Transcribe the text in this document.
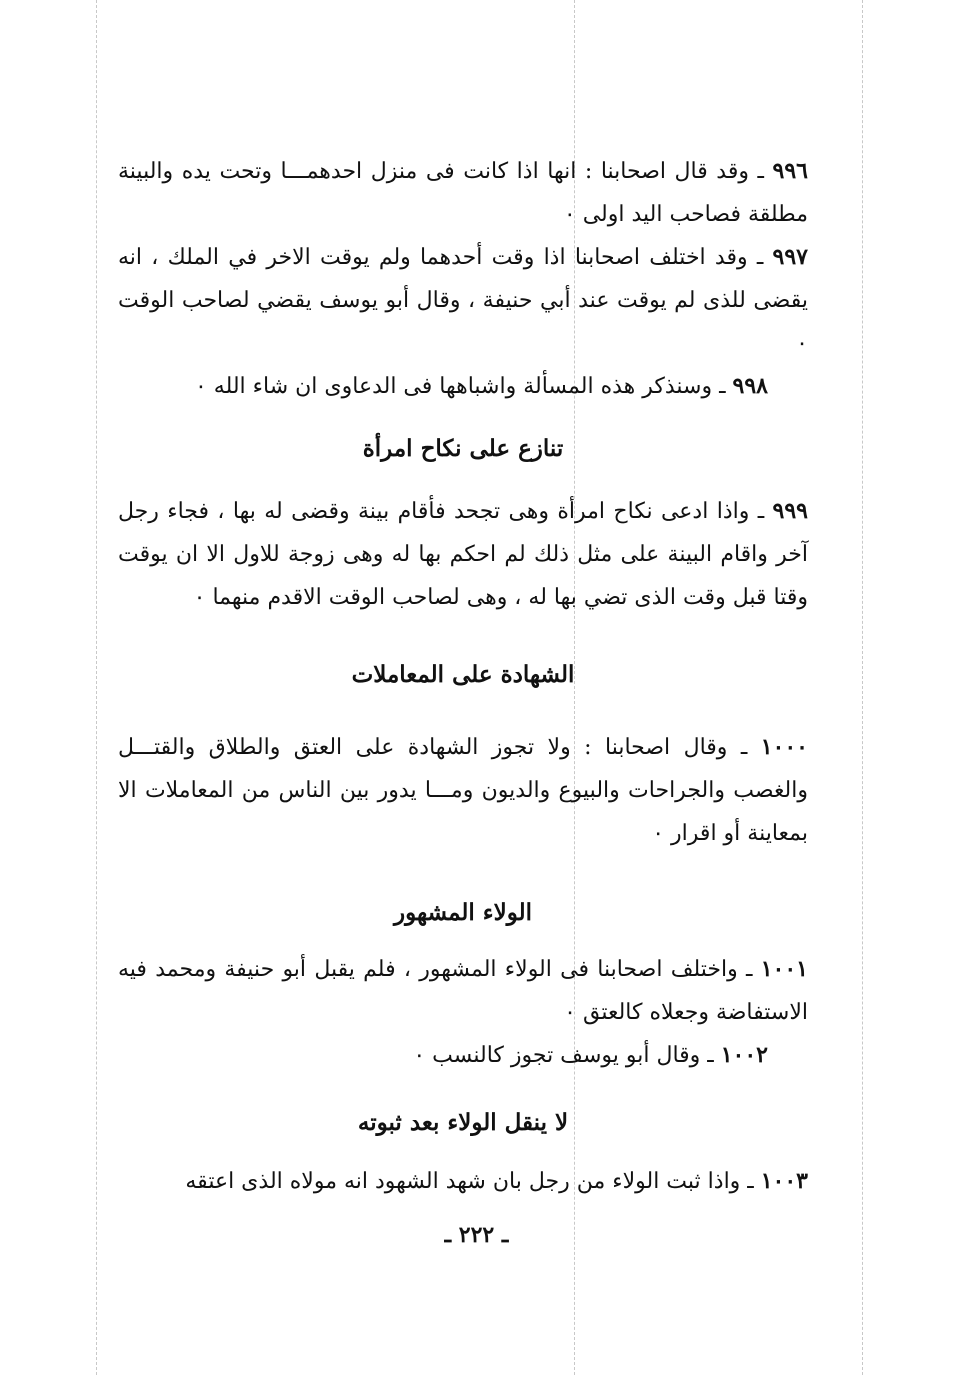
٩٩٦ ـ وقد قال اصحابنا : انها اذا كانت فى منزل احدهمـــا وتحت يده والبينة مطلقة فصاحب اليد اولى ٠

٩٩٧ ـ وقد اختلف اصحابنا اذا وقت أحدهما ولم يوقت الاخر في الملك ، انه يقضى للذى لم يوقت عند أبي حنيفة ، وقال أبو يوسف يقضي لصاحب الوقت ٠

٩٩٨ ـ وسنذكر هذه المسألة واشباهها فى الدعاوى ان شاء الله ٠

تنازع على نكاح امرأة

٩٩٩ ـ واذا ادعى نكاح امرأة وهى تجحد فأقام بينة وقضى له بها ، فجاء رجل آخر واقام البينة على مثل ذلك لم احكم بها له وهى زوجة للاول الا ان يوقت وقتا قبل وقت الذى تضي بها له ، وهى لصاحب الوقت الاقدم منهما ٠

الشهادة على المعاملات

١٠٠٠ ـ وقال اصحابنا : ولا تجوز الشهادة على العتق والطلاق والقتـــل والغصب والجراحات والبيوع والديون ومـــا يدور بين الناس من المعاملات الا بمعاينة أو اقرار ٠

الولاء المشهور

١٠٠١ ـ واختلف اصحابنا فى الولاء المشهور ، فلم يقبل أبو حنيفة ومحمد فيه الاستفاضة وجعلاه كالعتق ٠

١٠٠٢ ـ وقال أبو يوسف تجوز كالنسب ٠

لا ينقل الولاء بعد ثبوته

١٠٠٣ ـ واذا ثبت الولاء من رجل بان شهد الشهود انه مولاه الذى اعتقه

ـ ٢٢٢ ـ
